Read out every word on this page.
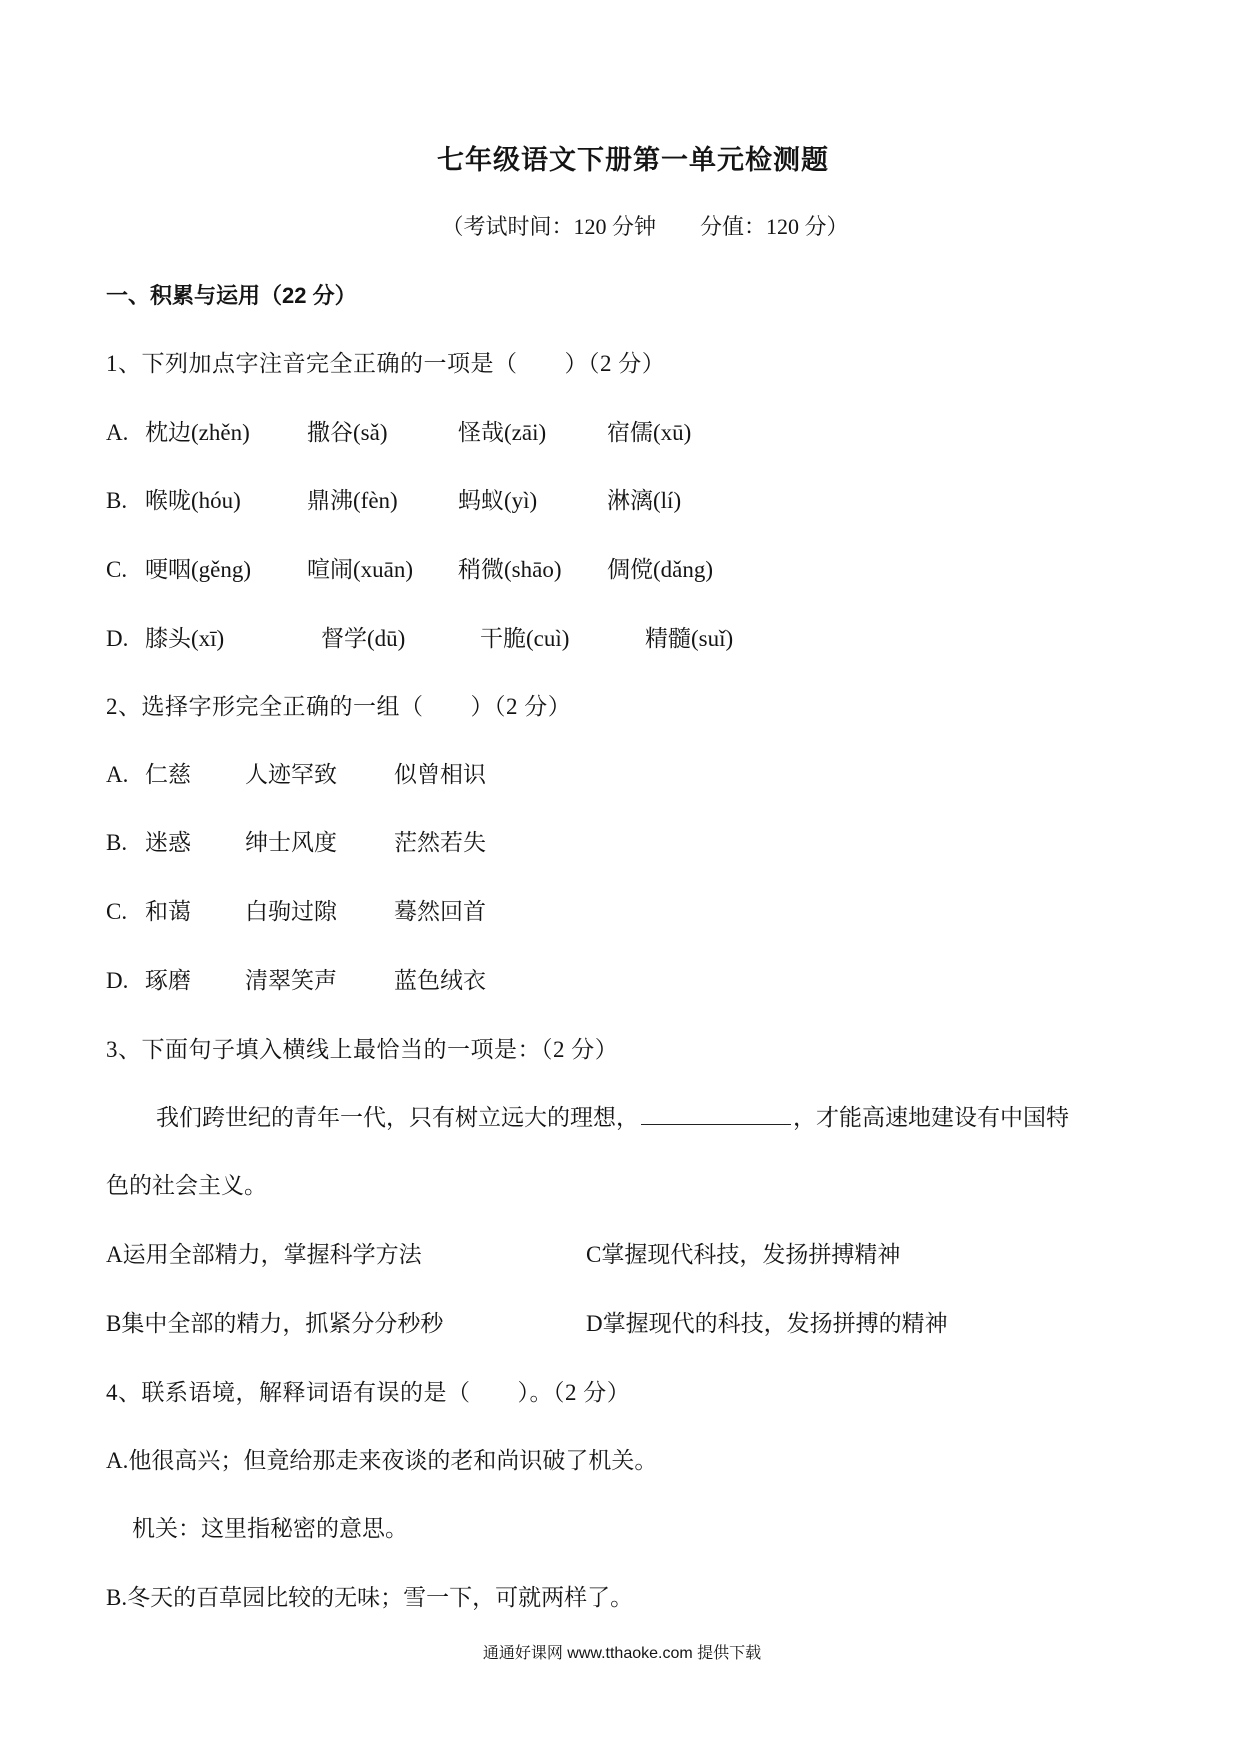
七年级语文下册第一单元检测题
（考试时间：120 分钟　　分值：120 分）
一、积累与运用（22 分）
1、下列加点字注音完全正确的一项是（　　）（2 分）
A. 枕边(zhěn) 撒谷(sǎ)	怪哉(zāi)	宿儒(xū)
B. 喉咙(hóu)	鼎沸(fèn)	蚂蚁(yì)	淋漓(lí)
C. 哽咽(gěng) 喧闹(xuān) 稍微(shāo) 倜傥(dǎng)
D. 膝头(xī)	督学(dū)	干脆(cuì)	精髓(suǐ)
2、选择字形完全正确的一组（　　）（2 分）
A. 仁慈 人迹罕致 似曾相识
B. 迷惑 绅士风度 茫然若失
C. 和蔼 白驹过隙 蓦然回首
D. 琢磨 清翠笑声 蓝色绒衣
3、下面句子填入横线上最恰当的一项是：（2 分）
我们跨世纪的青年一代，只有树立远大的理想，	，才能高速地建设有中国特
色的社会主义。
A运用全部精力，掌握科学方法	C掌握现代科技，发扬拼搏精神
B集中全部的精力，抓紧分分秒秒	D掌握现代的科技，发扬拼搏的精神
4、联系语境，解释词语有误的是（　　）。（2 分）
A.他很高兴；但竟给那走来夜谈的老和尚识破了机关。
机关：这里指秘密的意思。
B.冬天的百草园比较的无味；雪一下，可就两样了。
通通好课网 www.tthaoke.com 提供下载
